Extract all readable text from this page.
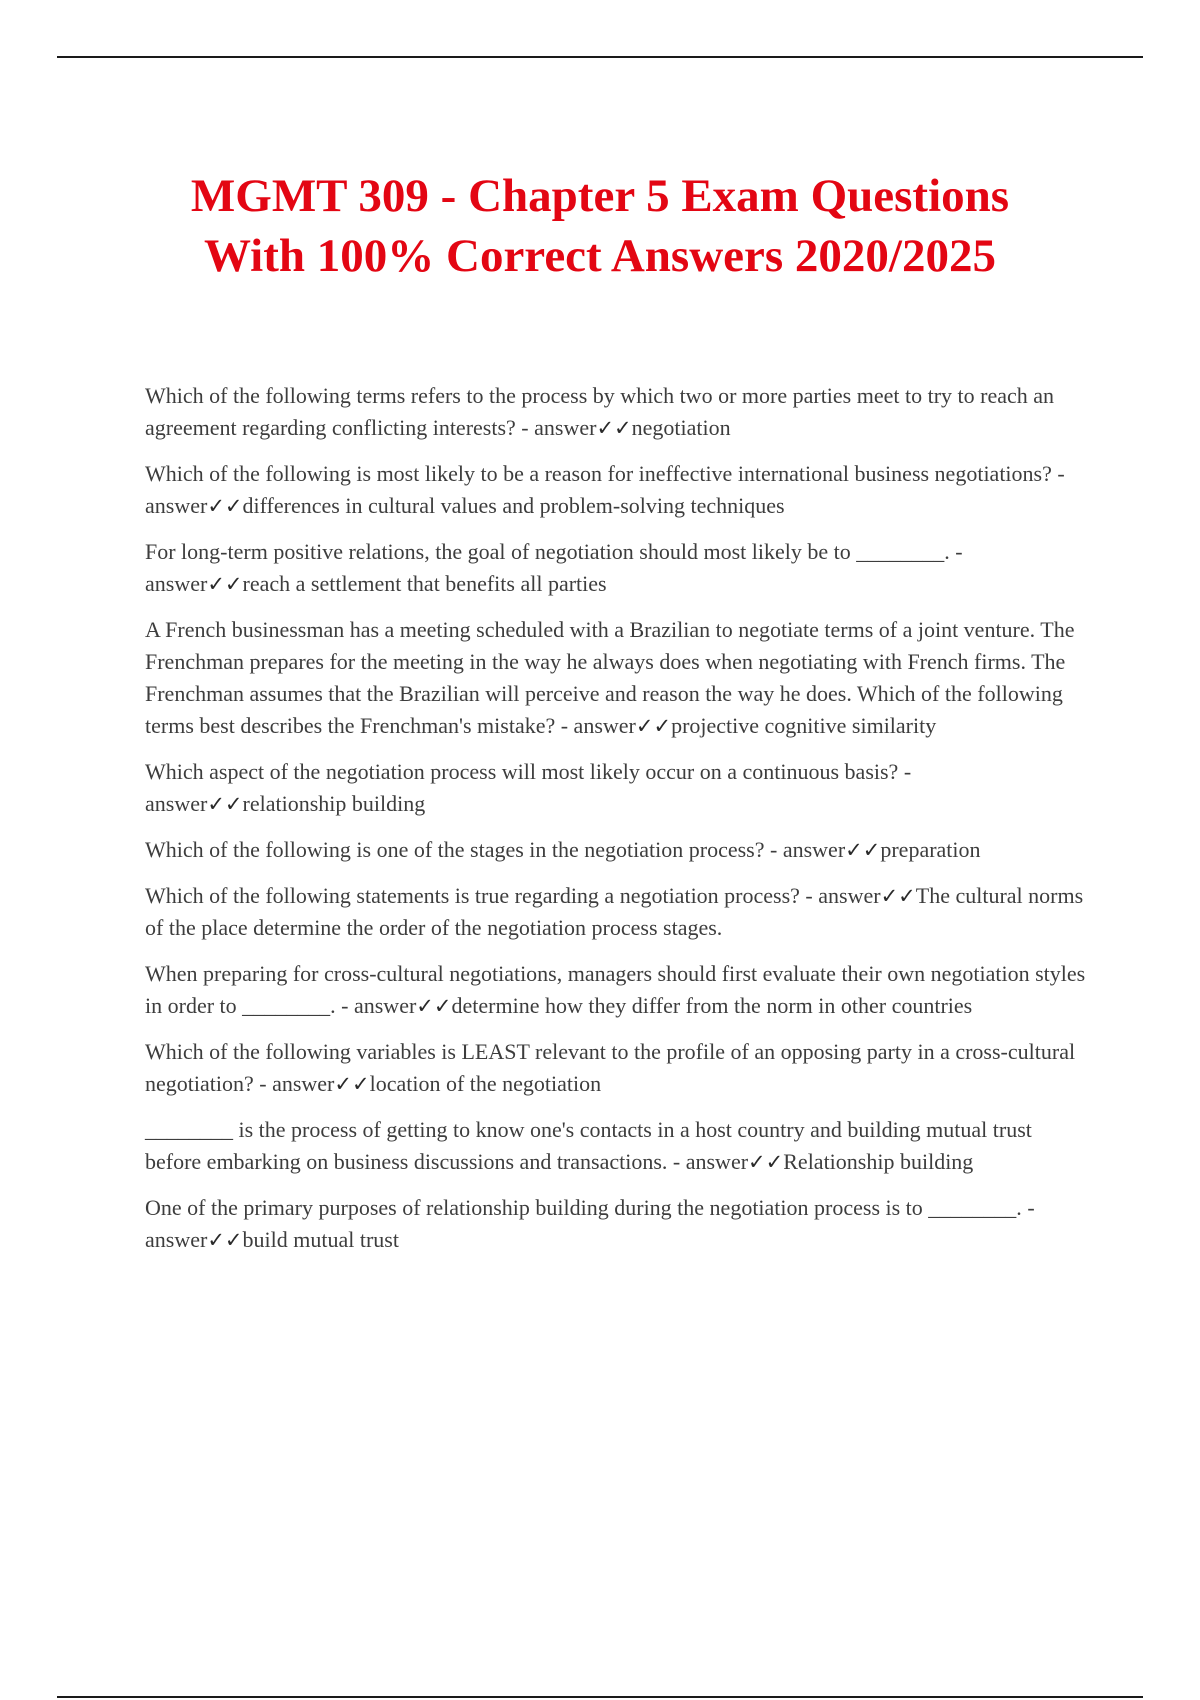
MGMT 309 - Chapter 5 Exam Questions
With 100% Correct Answers 2020/2025
Which of the following terms refers to the process by which two or more parties meet to try to reach an agreement regarding conflicting interests? - answer✓✓negotiation
Which of the following is most likely to be a reason for ineffective international business negotiations? - answer✓✓differences in cultural values and problem-solving techniques
For long-term positive relations, the goal of negotiation should most likely be to ________. - answer✓✓reach a settlement that benefits all parties
A French businessman has a meeting scheduled with a Brazilian to negotiate terms of a joint venture. The Frenchman prepares for the meeting in the way he always does when negotiating with French firms. The Frenchman assumes that the Brazilian will perceive and reason the way he does. Which of the following terms best describes the Frenchman's mistake? - answer✓✓projective cognitive similarity
Which aspect of the negotiation process will most likely occur on a continuous basis? - answer✓✓relationship building
Which of the following is one of the stages in the negotiation process? - answer✓✓preparation
Which of the following statements is true regarding a negotiation process? - answer✓✓The cultural norms of the place determine the order of the negotiation process stages.
When preparing for cross-cultural negotiations, managers should first evaluate their own negotiation styles in order to ________. - answer✓✓determine how they differ from the norm in other countries
Which of the following variables is LEAST relevant to the profile of an opposing party in a cross-cultural negotiation? - answer✓✓location of the negotiation
________ is the process of getting to know one's contacts in a host country and building mutual trust before embarking on business discussions and transactions. - answer✓✓Relationship building
One of the primary purposes of relationship building during the negotiation process is to ________. - answer✓✓build mutual trust
